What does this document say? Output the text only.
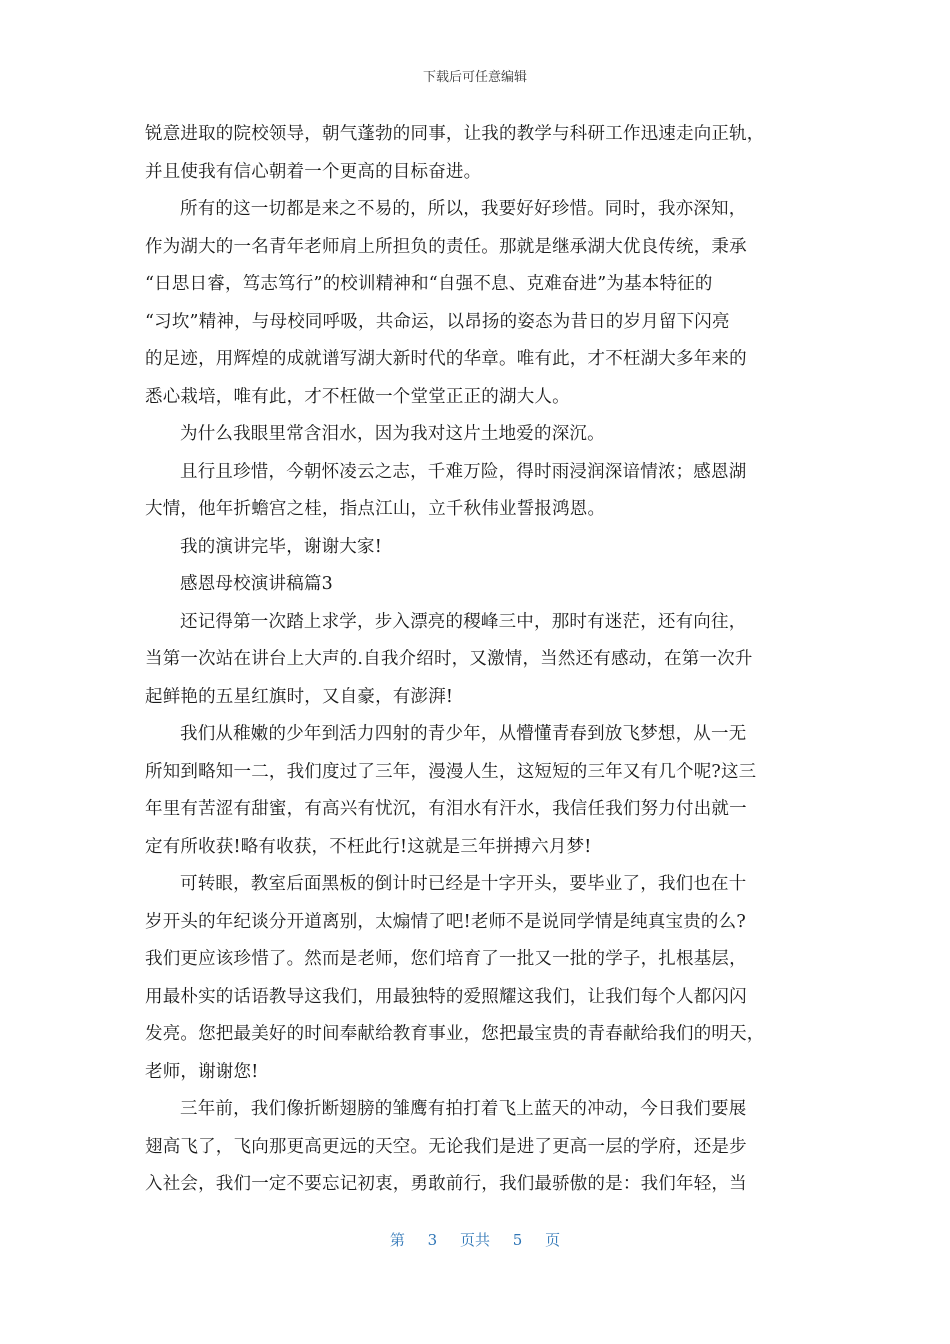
下载后可任意编辑
锐意进取的院校领导，朝气蓬勃的同事，让我的教学与科研工作迅速走向正轨，
并且使我有信心朝着一个更高的目标奋进。
所有的这一切都是来之不易的，所以，我要好好珍惜。同时，我亦深知，
作为湖大的一名青年老师肩上所担负的责任。那就是继承湖大优良传统，秉承
“日思日睿，笃志笃行”的校训精神和“自强不息、克难奋进”为基本特征的
“习坎”精神，与母校同呼吸，共命运，以昂扬的姿态为昔日的岁月留下闪亮
的足迹，用辉煌的成就谱写湖大新时代的华章。唯有此，才不枉湖大多年来的
悉心栽培，唯有此，才不枉做一个堂堂正正的湖大人。
为什么我眼里常含泪水，因为我对这片土地爱的深沉。
且行且珍惜，今朝怀凌云之志，千难万险，得时雨浸润深谙情浓；感恩湖
大情，他年折蟾宫之桂，指点江山，立千秋伟业誓报鸿恩。
我的演讲完毕，谢谢大家!
感恩母校演讲稿篇3
还记得第一次踏上求学，步入漂亮的稷峰三中，那时有迷茫，还有向往，
当第一次站在讲台上大声的.自我介绍时，又激情，当然还有感动，在第一次升
起鲜艳的五星红旗时，又自豪，有澎湃!
我们从稚嫩的少年到活力四射的青少年，从懵懂青春到放飞梦想，从一无
所知到略知一二，我们度过了三年，漫漫人生，这短短的三年又有几个呢?这三
年里有苦涩有甜蜜，有高兴有忧沉，有泪水有汗水，我信任我们努力付出就一
定有所收获!略有收获，不枉此行!这就是三年拼搏六月梦!
可转眼，教室后面黑板的倒计时已经是十字开头，要毕业了，我们也在十
岁开头的年纪谈分开道离别，太煽情了吧!老师不是说同学情是纯真宝贵的么?
我们更应该珍惜了。然而是老师，您们培育了一批又一批的学子，扎根基层，
用最朴实的话语教导这我们，用最独特的爱照耀这我们，让我们每个人都闪闪
发亮。您把最美好的时间奉献给教育事业，您把最宝贵的青春献给我们的明天，
老师，谢谢您!
三年前，我们像折断翅膀的雏鹰有拍打着飞上蓝天的冲动，今日我们要展
翅高飞了，飞向那更高更远的天空。无论我们是进了更高一层的学府，还是步
入社会，我们一定不要忘记初衷，勇敢前行，我们最骄傲的是：我们年轻，当
第 3 页共 5 页
